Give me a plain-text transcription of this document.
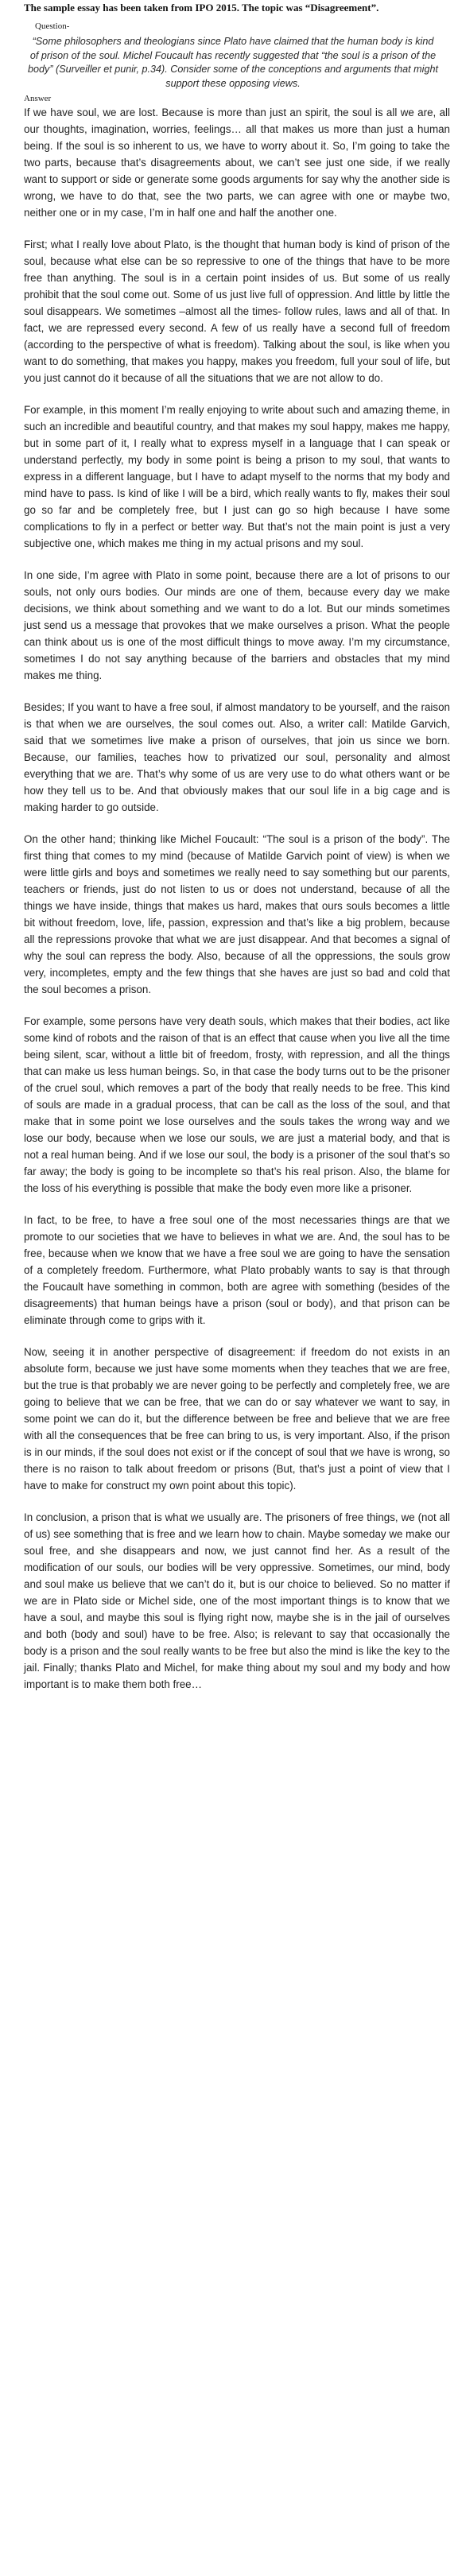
The sample essay has been taken from IPO 2015. The topic was “Disagreement”.
Question-
“Some philosophers and theologians since Plato have claimed that the human body is kind of prison of the soul. Michel Foucault has recently suggested that “the soul is a prison of the body” (Surveiller et punir, p.34). Consider some of the conceptions and arguments that might support these opposing views.
Answer

If we have soul, we are lost. Because is more than just an spirit, the soul is all we are, all our thoughts, imagination, worries, feelings… all that makes us more than just a human being. If the soul is so inherent to us, we have to worry about it. So, I’m going to take the two parts, because that’s disagreements about, we can’t see just one side, if we really want to support or side or generate some goods arguments for say why the another side is wrong, we have to do that, see the two parts, we can agree with one or maybe two, neither one or in my case, I’m in half one and half the another one.

First; what I really love about Plato, is the thought that human body is kind of prison of the soul, because what else can be so repressive to one of the things that have to be more free than anything. The soul is in a certain point insides of us. But some of us really prohibit that the soul come out. Some of us just live full of oppression. And little by little the soul disappears. We sometimes –almost all the times- follow rules, laws and all of that. In fact, we are repressed every second. A few of us really have a second full of freedom (according to the perspective of what is freedom). Talking about the soul, is like when you want to do something, that makes you happy, makes you freedom, full your soul of life, but you just cannot do it because of all the situations that we are not allow to do.

For example, in this moment I’m really enjoying to write about such and amazing theme, in such an incredible and beautiful country, and that makes my soul happy, makes me happy, but in some part of it, I really what to express myself in a language that I can speak or understand perfectly, my body in some point is being a prison to my soul, that wants to express in a different language, but I have to adapt myself to the norms that my body and mind have to pass. Is kind of like I will be a bird, which really wants to fly, makes their soul go so far and be completely free, but I just can go so high because I have some complications to fly in a perfect or better way. But that’s not the main point is just a very subjective one, which makes me thing in my actual prisons and my soul.

In one side, I’m agree with Plato in some point, because there are a lot of prisons to our souls, not only ours bodies. Our minds are one of them, because every day we make decisions, we think about something and we want to do a lot. But our minds sometimes just send us a message that provokes that we make ourselves a prison. What the people can think about us is one of the most difficult things to move away. I’m my circumstance, sometimes I do not say anything because of the barriers and obstacles that my mind makes me thing.

Besides; If you want to have a free soul, if almost mandatory to be yourself, and the raison is that when we are ourselves, the soul comes out. Also, a writer call: Matilde Garvich, said that we sometimes live make a prison of ourselves, that join us since we born. Because, our families, teaches how to privatized our soul, personality and almost everything that we are. That’s why some of us are very use to do what others want or be how they tell us to be. And that obviously makes that our soul life in a big cage and is making harder to go outside.

On the other hand; thinking like Michel Foucault: “The soul is a prison of the body”. The first thing that comes to my mind (because of Matilde Garvich point of view) is when we were little girls and boys and sometimes we really need to say something but our parents, teachers or friends, just do not listen to us or does not understand, because of all the things we have inside, things that makes us hard, makes that ours souls becomes a little bit without freedom, love, life, passion, expression and that’s like a big problem, because all the repressions provoke that what we are just disappear. And that becomes a signal of why the soul can repress the body. Also, because of all the oppressions, the souls grow very, incompletes, empty and the few things that she haves are just so bad and cold that the soul becomes a prison.

For example, some persons have very death souls, which makes that their bodies, act like some kind of robots and the raison of that is an effect that cause when you live all the time being silent, scar, without a little bit of freedom, frosty, with repression, and all the things that can make us less human beings. So, in that case the body turns out to be the prisoner of the cruel soul, which removes a part of the body that really needs to be free. This kind of souls are made in a gradual process, that can be call as the loss of the soul, and that make that in some point we lose ourselves and the souls takes the wrong way and we lose our body, because when we lose our souls, we are just a material body, and that is not a real human being. And if we lose our soul, the body is a prisoner of the soul that’s so far away; the body is going to be incomplete so that’s his real prison. Also, the blame for the loss of his everything is possible that make the body even more like a prisoner.

In fact, to be free, to have a free soul one of the most necessaries things are that we promote to our societies that we have to believes in what we are. And, the soul has to be free, because when we know that we have a free soul we are going to have the sensation of a completely freedom. Furthermore, what Plato probably wants to say is that through the Foucault have something in common, both are agree with something (besides of the disagreements) that human beings have a prison (soul or body), and that prison can be eliminate through come to grips with it.

Now, seeing it in another perspective of disagreement: if freedom do not exists in an absolute form, because we just have some moments when they teaches that we are free, but the true is that probably we are never going to be perfectly and completely free, we are going to believe that we can be free, that we can do or say whatever we want to say, in some point we can do it, but the difference between be free and believe that we are free with all the consequences that be free can bring to us, is very important. Also, if the prison is in our minds, if the soul does not exist or if the concept of soul that we have is wrong, so there is no raison to talk about freedom or prisons (But, that’s just a point of view that I have to make for construct my own point about this topic).

In conclusion, a prison that is what we usually are. The prisoners of free things, we (not all of us) see something that is free and we learn how to chain. Maybe someday we make our soul free, and she disappears and now, we just cannot find her. As a result of the modification of our souls, our bodies will be very oppressive. Sometimes, our mind, body and soul make us believe that we can’t do it, but is our choice to believed. So no matter if we are in Plato side or Michel side, one of the most important things is to know that we have a soul, and maybe this soul is flying right now, maybe she is in the jail of ourselves and both (body and soul) have to be free. Also; is relevant to say that occasionally the body is a prison and the soul really wants to be free but also the mind is like the key to the jail. Finally; thanks Plato and Michel, for make thing about my soul and my body and how important is to make them both free…
